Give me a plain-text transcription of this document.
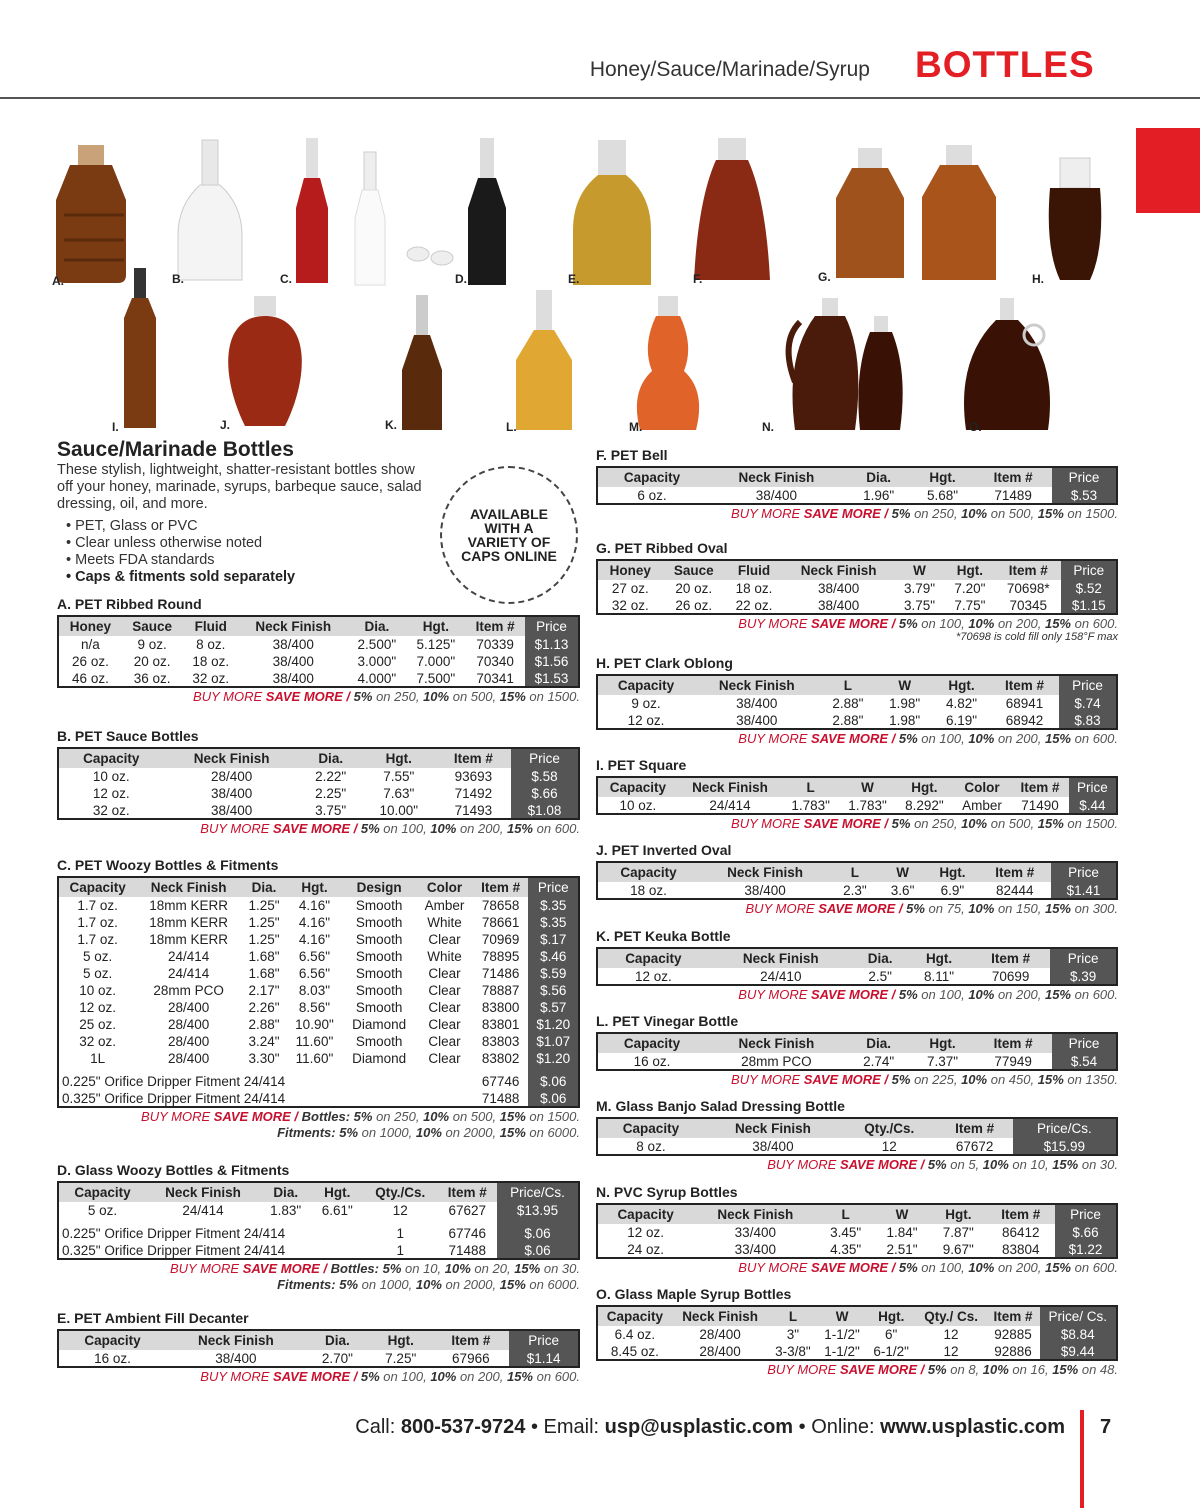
Honey/Sauce/Marinade/Syrup BOTTLES
A.	B.	C.	D.	E.	F.	G.	H.
I.	J.	K.	L.	M.	N.	O.
Sauce/Marinade Bottles
These stylish, lightweight, shatter-resistant bottles show off your honey, marinade, syrups, barbeque sauce, salad dressing, oil, and more.
• PET, Glass or PVC
• Clear unless otherwise noted
• Meets FDA standards
• Caps & fitments sold separately
AVAILABLE WITH A VARIETY OF CAPS ONLINE
A. PET Ribbed Round
Honey	Sauce	Fluid	Neck Finish	Dia.	Hgt.	Item #	Price
n/a	9 oz.	8 oz.	38/400	2.500"	5.125"	70339	$1.13
26 oz.	20 oz.	18 oz.	38/400	3.000"	7.000"	70340	$1.56
46 oz.	36 oz.	32 oz.	38/400	4.000"	7.500"	70341	$1.53
BUY MORE SAVE MORE / 5% on 250, 10% on 500, 15% on 1500.
B. PET Sauce Bottles
Capacity	Neck Finish	Dia.	Hgt.	Item #	Price
10 oz.	28/400	2.22"	7.55"	93693	$.58
12 oz.	38/400	2.25"	7.63"	71492	$.66
32 oz.	38/400	3.75"	10.00"	71493	$1.08
BUY MORE SAVE MORE / 5% on 100, 10% on 200, 15% on 600.
C. PET Woozy Bottles & Fitments
Capacity	Neck Finish	Dia.	Hgt.	Design	Color	Item #	Price
1.7 oz.	18mm KERR	1.25"	4.16"	Smooth	Amber	78658	$.35
1.7 oz.	18mm KERR	1.25"	4.16"	Smooth	White	78661	$.35
1.7 oz.	18mm KERR	1.25"	4.16"	Smooth	Clear	70969	$.17
5 oz.	24/414	1.68"	6.56"	Smooth	White	78895	$.46
5 oz.	24/414	1.68"	6.56"	Smooth	Clear	71486	$.59
10 oz.	28mm PCO	2.17"	8.03"	Smooth	Clear	78887	$.56
12 oz.	28/400	2.26"	8.56"	Smooth	Clear	83800	$.57
25 oz.	28/400	2.88"	10.90"	Diamond	Clear	83801	$1.20
32 oz.	28/400	3.24"	11.60"	Smooth	Clear	83803	$1.07
1L	28/400	3.30"	11.60"	Diamond	Clear	83802	$1.20

0.225" Orifice Dripper Fitment 24/414						67746	$.06
0.325" Orifice Dripper Fitment 24/414						71488	$.06
BUY MORE SAVE MORE / Bottles: 5% on 250, 10% on 500, 15% on 1500.
Fitments: 5% on 1000, 10% on 2000, 15% on 6000.
D. Glass Woozy Bottles & Fitments
Capacity	Neck Finish	Dia.	Hgt.	Qty./Cs.	Item #	Price/Cs.
5 oz.	24/414	1.83"	6.61"	12	67627	$13.95

0.225" Orifice Dripper Fitment 24/414				1	67746	$.06
0.325" Orifice Dripper Fitment 24/414				1	71488	$.06
BUY MORE SAVE MORE / Bottles: 5% on 10, 10% on 20, 15% on 30.
Fitments: 5% on 1000, 10% on 2000, 15% on 6000.
E. PET Ambient Fill Decanter
Capacity	Neck Finish	Dia.	Hgt.	Item #	Price
16 oz.	38/400	2.70"	7.25"	67966	$1.14
BUY MORE SAVE MORE / 5% on 100, 10% on 200, 15% on 600.
F. PET Bell
Capacity	Neck Finish	Dia.	Hgt.	Item #	Price
6 oz.	38/400	1.96"	5.68"	71489	$.53
BUY MORE SAVE MORE / 5% on 250, 10% on 500, 15% on 1500.
G. PET Ribbed Oval
Honey	Sauce	Fluid	Neck Finish	W	Hgt.	Item #	Price
27 oz.	20 oz.	18 oz.	38/400	3.79"	7.20"	70698*	$.52
32 oz.	26 oz.	22 oz.	38/400	3.75"	7.75"	70345	$1.15
BUY MORE SAVE MORE / 5% on 100, 10% on 200, 15% on 600.
*70698 is cold fill only 158°F max
H. PET Clark Oblong
Capacity	Neck Finish	L	W	Hgt.	Item #	Price
9 oz.	38/400	2.88"	1.98"	4.82"	68941	$.74
12 oz.	38/400	2.88"	1.98"	6.19"	68942	$.83
BUY MORE SAVE MORE / 5% on 100, 10% on 200, 15% on 600.
I. PET Square
Capacity	Neck Finish	L	W	Hgt.	Color	Item #	Price
10 oz.	24/414	1.783"	1.783"	8.292"	Amber	71490	$.44
BUY MORE SAVE MORE / 5% on 250, 10% on 500, 15% on 1500.
J. PET Inverted Oval
Capacity	Neck Finish	L	W	Hgt.	Item #	Price
18 oz.	38/400	2.3"	3.6"	6.9"	82444	$1.41
BUY MORE SAVE MORE / 5% on 75, 10% on 150, 15% on 300.
K. PET Keuka Bottle
Capacity	Neck Finish	Dia.	Hgt.	Item #	Price
12 oz.	24/410	2.5"	8.11"	70699	$.39
BUY MORE SAVE MORE / 5% on 100, 10% on 200, 15% on 600.
L. PET Vinegar Bottle
Capacity	Neck Finish	Dia.	Hgt.	Item #	Price
16 oz.	28mm PCO	2.74"	7.37"	77949	$.54
BUY MORE SAVE MORE / 5% on 225, 10% on 450, 15% on 1350.
M. Glass Banjo Salad Dressing Bottle
Capacity	Neck Finish	Qty./Cs.	Item #	Price/Cs.
8 oz.	38/400	12	67672	$15.99
BUY MORE SAVE MORE / 5% on 5, 10% on 10, 15% on 30.
N. PVC Syrup Bottles
Capacity	Neck Finish	L	W	Hgt.	Item #	Price
12 oz.	33/400	3.45"	1.84"	7.87"	86412	$.66
24 oz.	33/400	4.35"	2.51"	9.67"	83804	$1.22
BUY MORE SAVE MORE / 5% on 100, 10% on 200, 15% on 600.
O. Glass Maple Syrup Bottles
Capacity	Neck Finish	L	W	Hgt.	Qty./ Cs.	Item #	Price/ Cs.
6.4 oz.	28/400	3"	1-1/2"	6"	12	92885	$8.84
8.45 oz.	28/400	3-3/8"	1-1/2"	6-1/2"	12	92886	$9.44
BUY MORE SAVE MORE / 5% on 8, 10% on 16, 15% on 48.
Call: 800-537-9724 • Email: usp@usplastic.com • Online: www.usplastic.com 7
